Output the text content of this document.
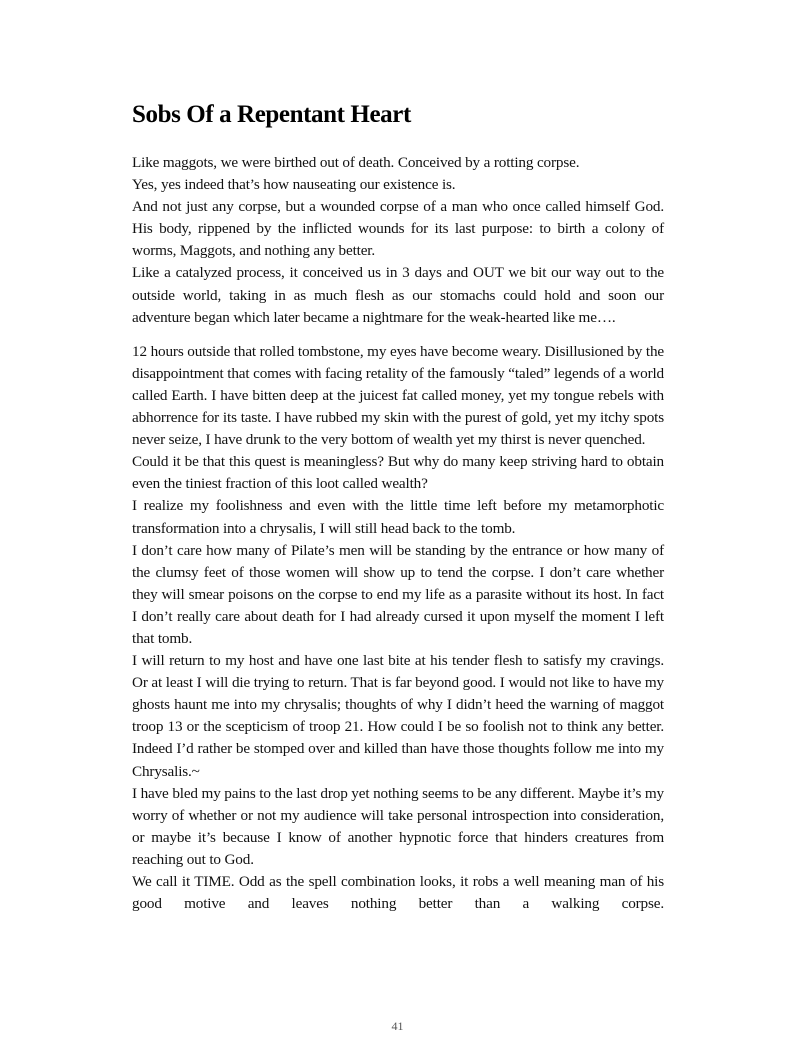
Sobs Of a Repentant Heart

Like maggots, we were birthed out of death. Conceived by a rotting corpse.

Yes, yes indeed that’s how nauseating our existence is.

And not just any corpse, but a wounded corpse of a man who once called himself God. His body, rippened by the inflicted wounds for its last purpose: to birth a colony of worms, Maggots, and nothing any better.

Like a catalyzed process, it conceived us in 3 days and OUT we bit our way out to the outside world, taking in as much flesh as our stomachs could hold and soon our adventure began which later became a nightmare for the weak-hearted like me….

12 hours outside that rolled tombstone, my eyes have become weary. Disillusioned by the disappointment that comes with facing retality of the famously “taled” legends of a world called Earth. I have bitten deep at the juicest fat called money, yet my tongue rebels with abhorrence for its taste. I have rubbed my skin with the purest of gold, yet my itchy spots never seize, I have drunk to the very bottom of wealth yet my thirst is never quenched.

Could it be that this quest is meaningless? But why do many keep striving hard to obtain even the tiniest fraction of this loot called wealth?

I realize my foolishness and even with the little time left before my metamorphotic transformation into a chrysalis, I will still head back to the tomb.

I don’t care how many of Pilate’s men will be standing by the entrance or how many of the clumsy feet of those women will show up to tend the corpse. I don’t care whether they will smear poisons on the corpse to end my life as a parasite without its host. In fact I don’t really care about death for I had already cursed it upon myself the moment I left that tomb.

I will return to my host and have one last bite at his tender flesh to satisfy my cravings. Or at least I will die trying to return. That is far beyond good. I would not like to have my ghosts haunt me into my chrysalis; thoughts of why I didn’t heed the warning of maggot troop 13 or the scepticism of troop 21. How could I be so foolish not to think any better. Indeed I’d rather be stomped over and killed than have those thoughts follow me into my Chrysalis.~

I have bled my pains to the last drop yet nothing seems to be any different. Maybe it’s my worry of whether or not my audience will take personal introspection into consideration, or maybe it’s because I know of another hypnotic force that hinders creatures from reaching out to God.

We call it TIME. Odd as the spell combination looks, it robs a well meaning man of his good motive and leaves nothing better than a walking corpse.

41
